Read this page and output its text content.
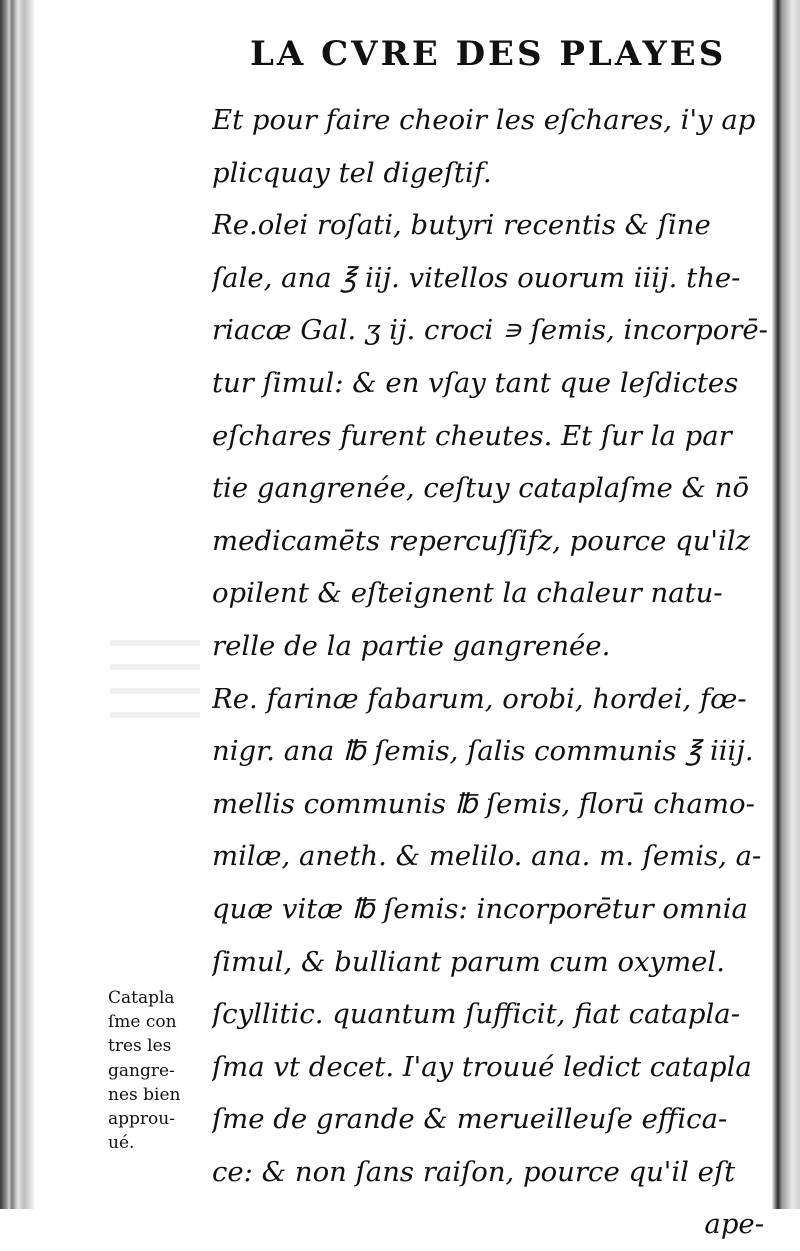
LA CVRE DES PLAYES
Et pour faire cheoir les eſchares, i'y ap
plicquay tel digeſtif.
Re.olei roſati, butyri recentis & ſine
ſale, ana ℥ iij. vitellos ouorum iiij. the-
riacæ Gal. ʒ ij. croci ∍ ſemis, incorporē-
tur ſimul: & en vſay tant que leſdictes
eſchares furent cheutes. Et ſur la par
tie gangrenée, ceſtuy cataplaſme & nō
medicamēts repercuſſifz, pource qu'ilz
opilent & eſteignent la chaleur natu-
relle de la partie gangrenée.
Re. farinæ fabarum, orobi, hordei, fœ-
nigr. ana ℔ ſemis, ſalis communis ℥ iiij.
mellis communis ℔ ſemis, florū chamo-
milæ, aneth. & melilo. ana. m. ſemis, a-
quæ vitæ ℔ ſemis: incorporētur omnia
ſimul, & bulliant parum cum oxymel.
ſcyllitic. quantum ſufficit, fiat catapla-
ſma vt decet. I'ay trouué ledict catapla
ſme de grande & merueilleuſe effica-
ce: & non ſans raiſon, pource qu'il eſt
ape-
Catapla
ſme con
tres les
gangre-
nes bien
approu-
ué.
